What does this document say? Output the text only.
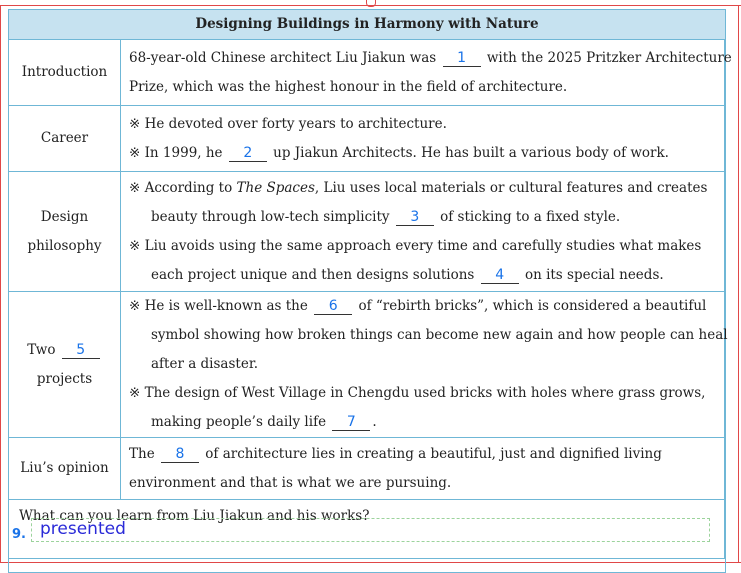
Designing Buildings in Harmony with Nature	
Introduction	68-year-old Chinese architect Liu Jiakun was 1 with the 2025 Pritzker Architecture
Prize, which was the highest honour in the field of architecture.

Career	※ He devoted over forty years to architecture.
※ In 1999, he 2 up Jiakun Architects. He has built a various body of work.

Design
philosophy	※ According to The Spaces, Liu uses local materials or cultural features and creates
beauty through low-tech simplicity 3 of sticking to a fixed style.
※ Liu avoids using the same approach every time and carefully studies what makes
each project unique and then designs solutions 4 on its special needs.

Two 5
projects	※ He is well-known as the 6 of “rebirth bricks”, which is considered a beautiful
symbol showing how broken things can become new again and how people can heal
after a disaster.
※ The design of West Village in Chengdu used bricks with holes where grass grows,
making people’s daily life 7 .

Liu’s opinion	The 8 of architecture lies in creating a beautiful, just and dignified living
environment and that is what we are pursuing.

What can you learn from Liu Jiakun and his works?	
9. presented
